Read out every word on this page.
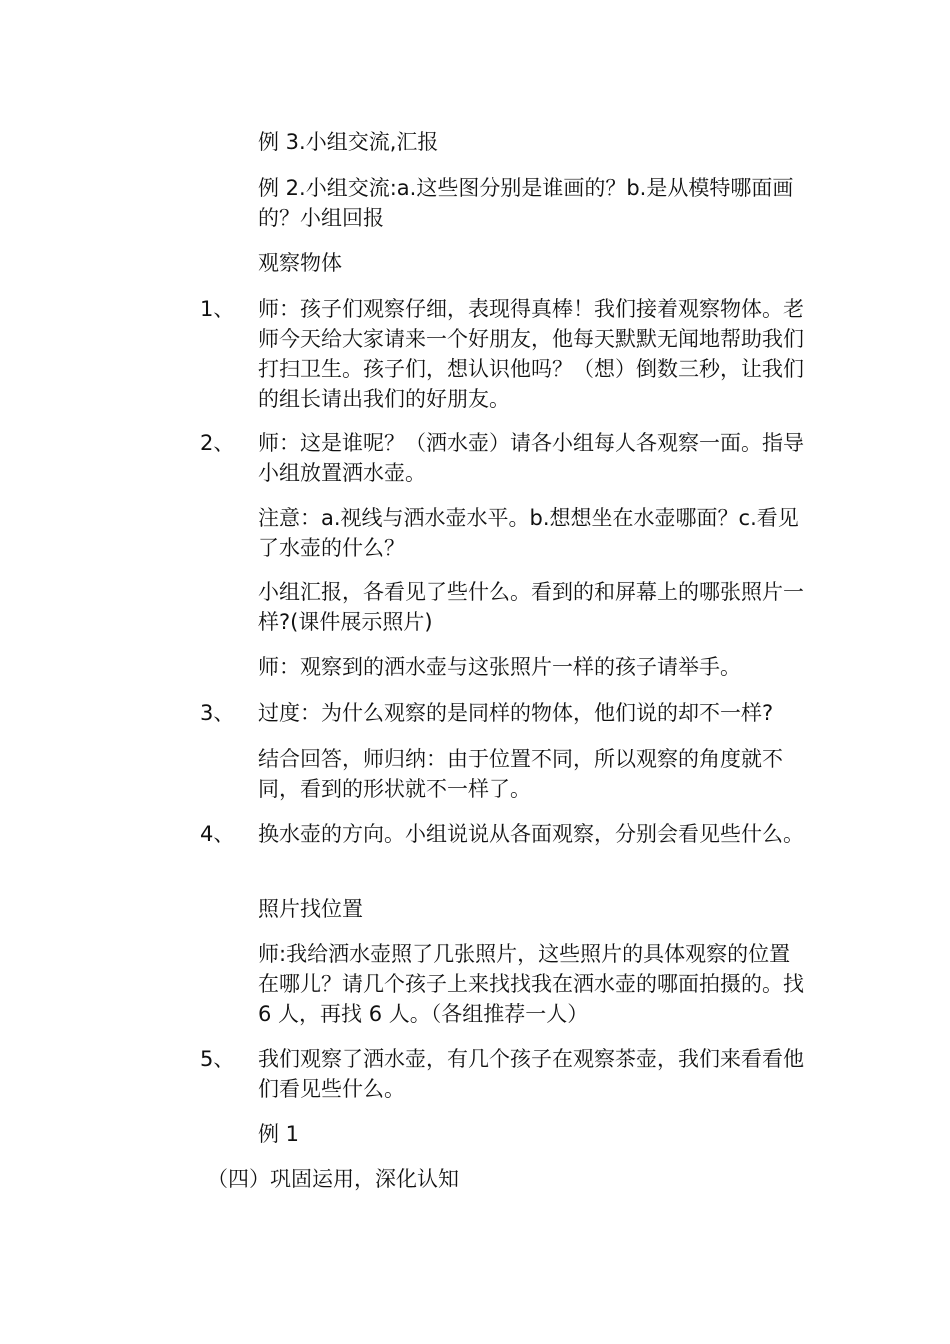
例 3.小组交流,汇报

例 2.小组交流:a.这些图分别是谁画的？b.是从模特哪面画的？小组回报

观察物体

1、 师：孩子们观察仔细，表现得真棒！我们接着观察物体。老师今天给大家请来一个好朋友，他每天默默无闻地帮助我们打扫卫生。孩子们，想认识他吗？（想）倒数三秒，让我们的组长请出我们的好朋友。

2、 师：这是谁呢？（洒水壶）请各小组每人各观察一面。指导小组放置洒水壶。

注意：a.视线与洒水壶水平。b.想想坐在水壶哪面？c.看见了水壶的什么？

小组汇报，各看见了些什么。看到的和屏幕上的哪张照片一样?(课件展示照片)

师：观察到的洒水壶与这张照片一样的孩子请举手。

3、 过度：为什么观察的是同样的物体，他们说的却不一样?

结合回答，师归纳：由于位置不同，所以观察的角度就不同，看到的形状就不一样了。

4、 换水壶的方向。小组说说从各面观察，分别会看见些什么。

照片找位置

师:我给洒水壶照了几张照片，这些照片的具体观察的位置在哪儿？请几个孩子上来找找我在洒水壶的哪面拍摄的。找 6 人，再找 6 人。（各组推荐一人）

5、 我们观察了洒水壶，有几个孩子在观察茶壶，我们来看看他们看见些什么。

例 1

（四）巩固运用，深化认知
